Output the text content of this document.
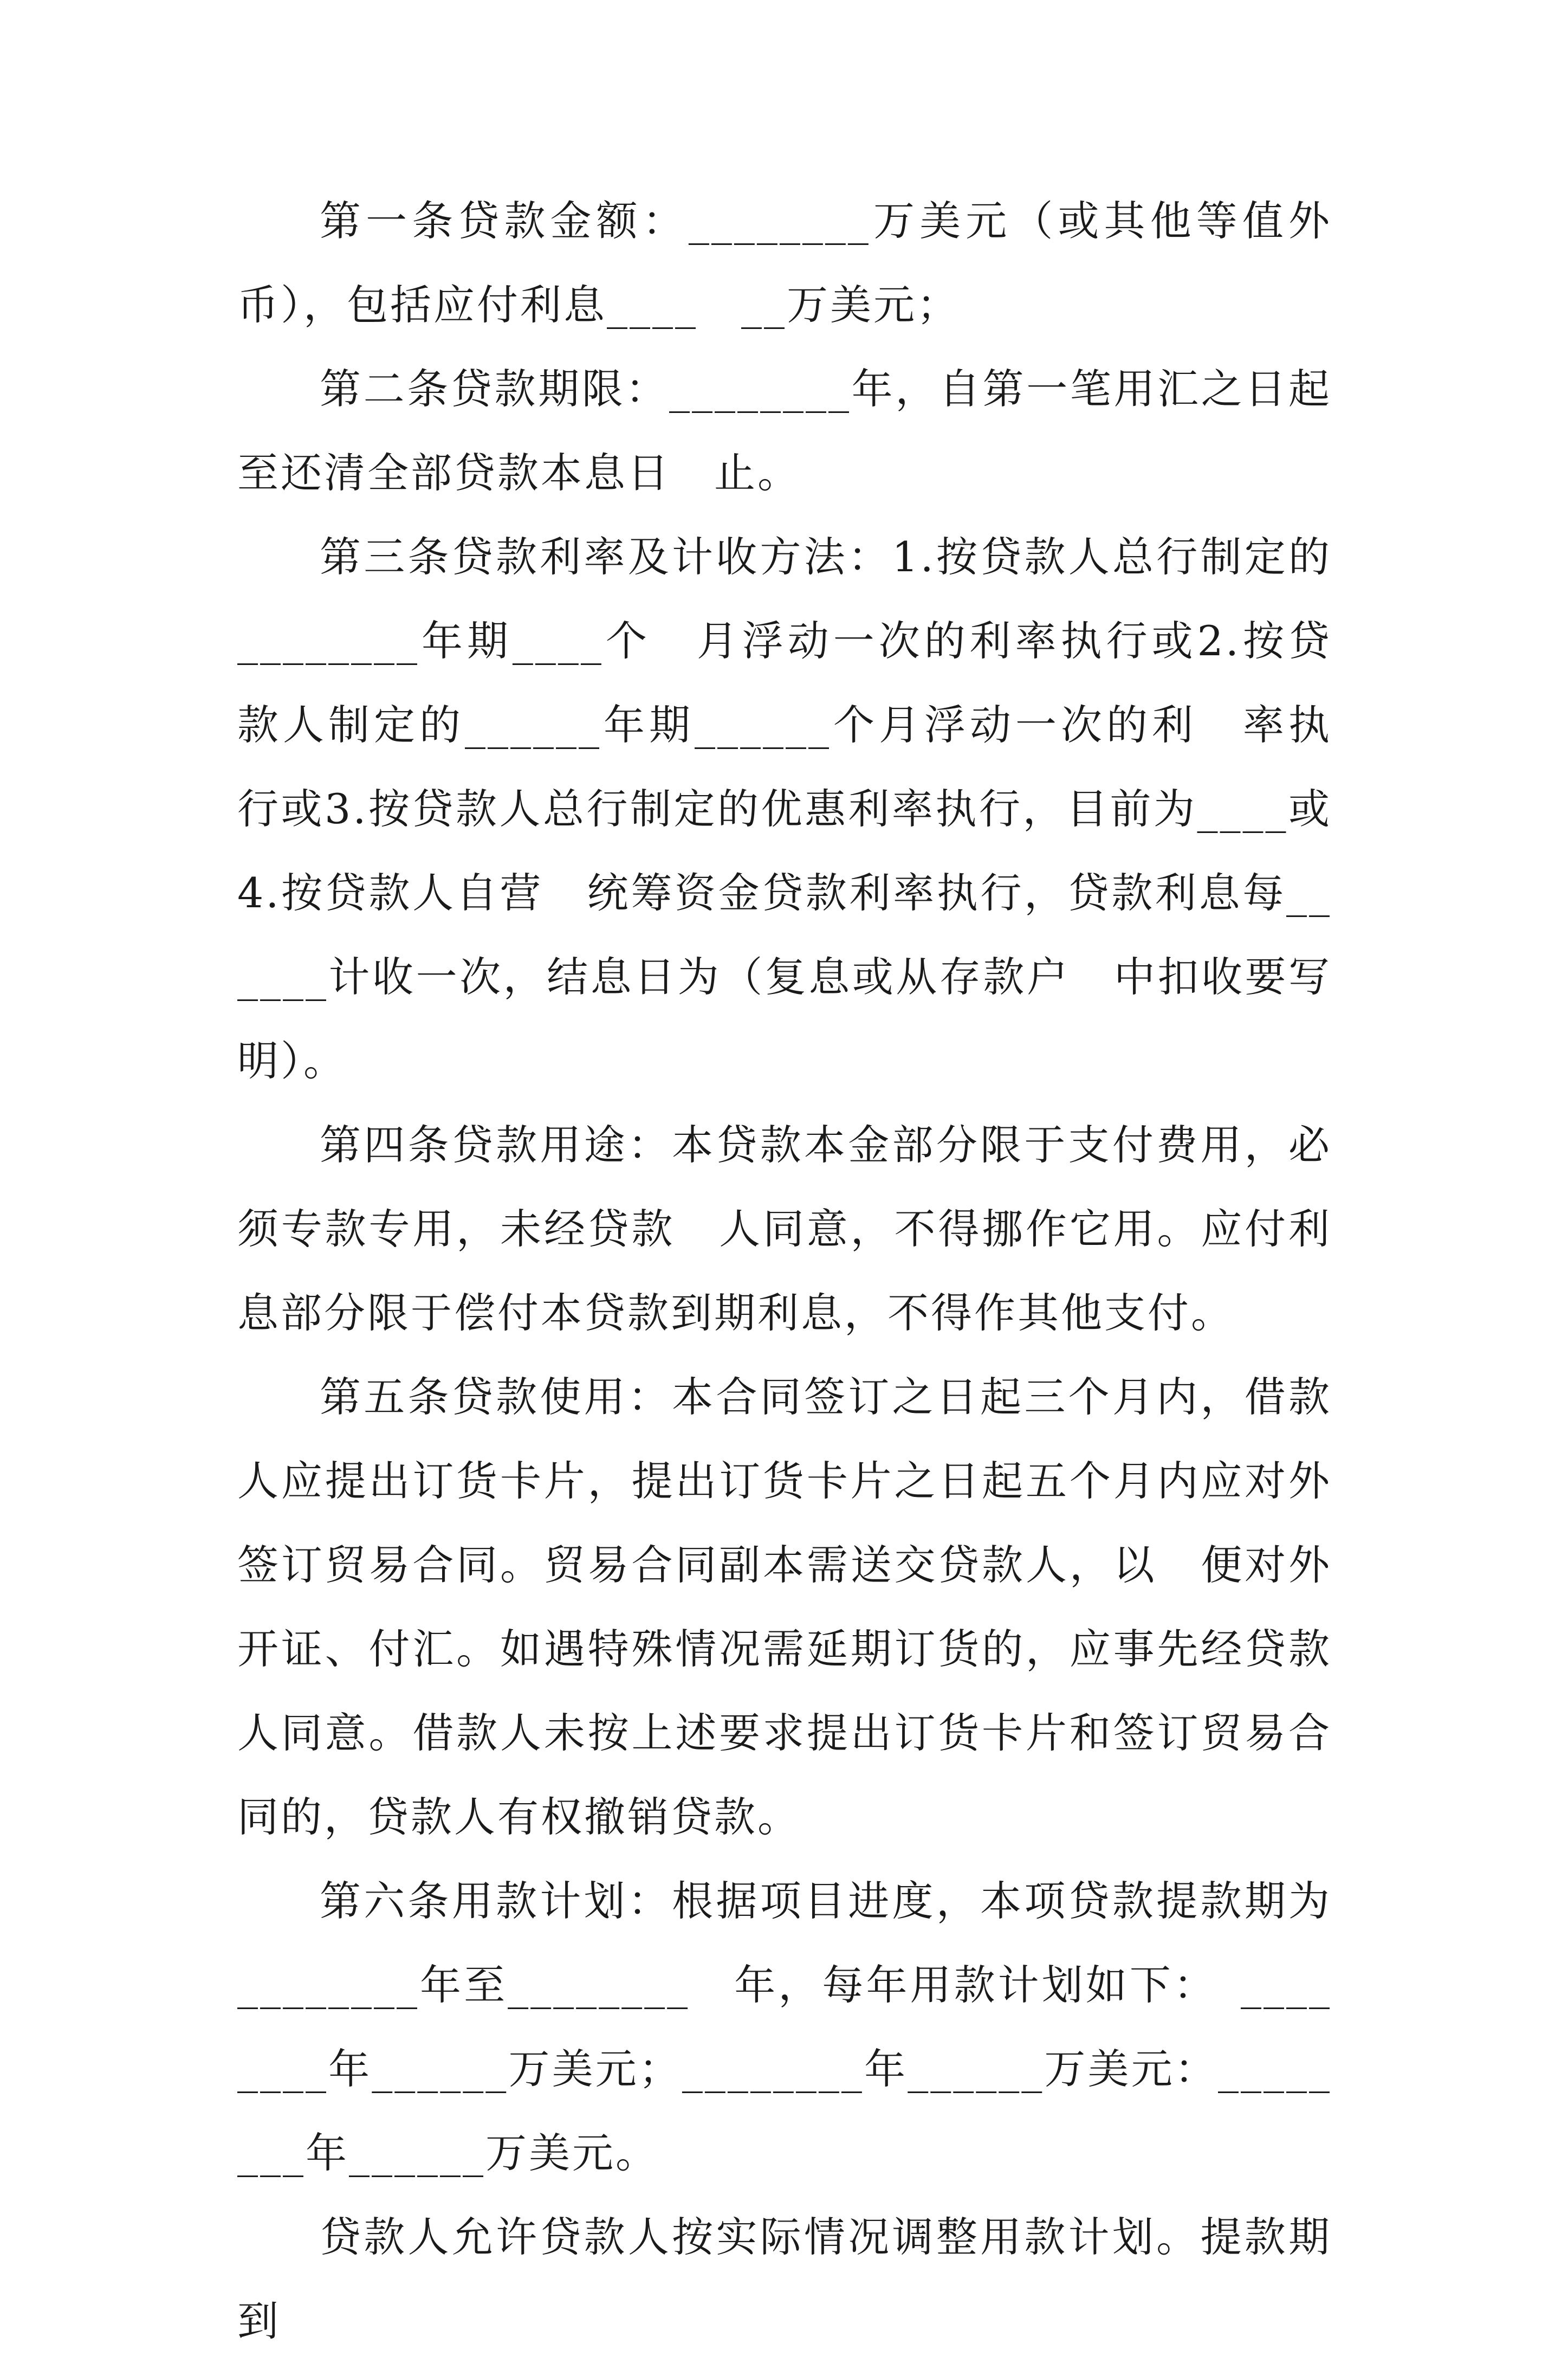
第一条贷款金额：________万美元（或其他等值外币），包括应付利息____　__万美元；

第二条贷款期限：________年，自第一笔用汇之日起至还清全部贷款本息日　止。

第三条贷款利率及计收方法：1.按贷款人总行制定的________年期____个　月浮动一次的利率执行或2.按贷款人制定的______年期______个月浮动一次的利　率执行或3.按贷款人总行制定的优惠利率执行，目前为____或4.按贷款人自营　统筹资金贷款利率执行，贷款利息每______计收一次，结息日为（复息或从存款户　中扣收要写明）。

第四条贷款用途：本贷款本金部分限于支付费用，必须专款专用，未经贷款　人同意，不得挪作它用。应付利息部分限于偿付本贷款到期利息，不得作其他支付。

第五条贷款使用：本合同签订之日起三个月内，借款人应提出订货卡片，提出订货卡片之日起五个月内应对外签订贸易合同。贸易合同副本需送交贷款人，以　便对外开证、付汇。如遇特殊情况需延期订货的，应事先经贷款人同意。借款人未按上述要求提出订货卡片和签订贸易合同的，贷款人有权撤销贷款。

第六条用款计划：根据项目进度，本项贷款提款期为________年至________　年，每年用款计划如下：　________年______万美元；________年______万美元：________年______万美元。

贷款人允许贷款人按实际情况调整用款计划。提款期到
